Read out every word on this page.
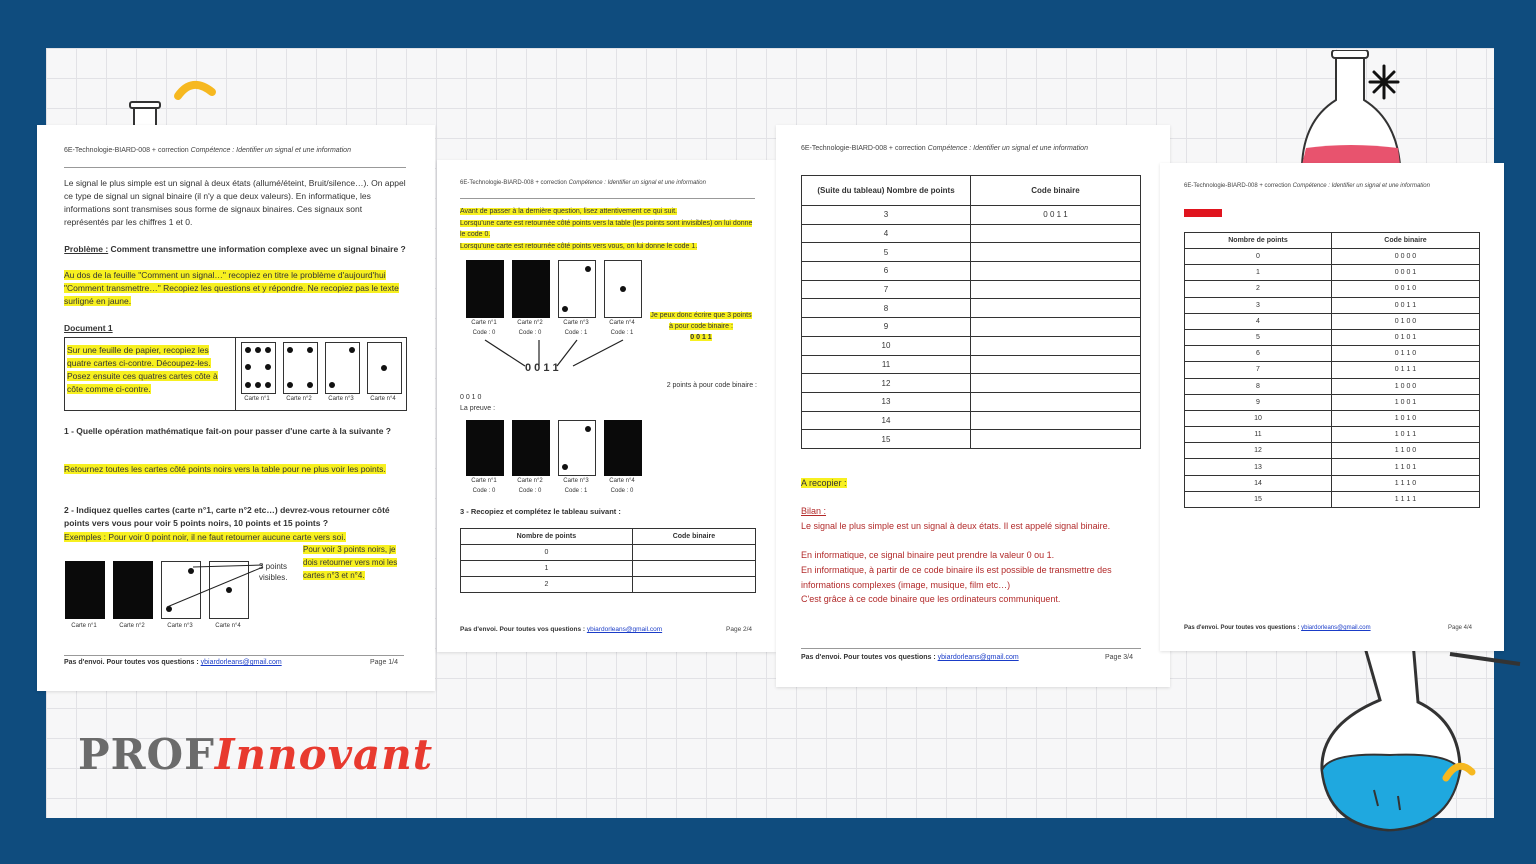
6E-Technologie-BIARD-008 + correction Compétence : Identifier un signal et une information
Le signal le plus simple est un signal à deux états (allumé/éteint, Bruit/silence…). On appel ce type de signal un signal binaire (il n'y a que deux valeurs). En informatique, les informations sont transmises sous forme de signaux binaires. Ces signaux sont représentés par les chiffres 1 et 0.
Problème : Comment transmettre une information complexe avec un signal binaire ?
Au dos de la feuille "Comment un signal…" recopiez en titre le problème d'aujourd'hui "Comment transmettre…" Recopiez les questions et y répondre. Ne recopiez pas le texte surligné en jaune.
Document 1
Sur une feuille de papier, recopiez les quatre cartes ci-contre. Découpez-les. Posez ensuite ces quatres cartes côte à côte comme ci-contre.
Carte n°1	Carte n°2	Carte n°3	Carte n°4
1 - Quelle opération mathématique fait-on pour passer d'une carte à la suivante ?
Retournez toutes les cartes côté points noirs vers la table pour ne plus voir les points.
2 - Indiquez quelles cartes (carte n°1, carte n°2 etc…) devrez-vous retourner côté points vers vous pour voir 5 points noirs, 10 points et 15 points ?
Exemples : Pour voir 0 point noir, il ne faut retourner aucune carte vers soi.
3 points visibles.
Pour voir 3 points noirs, je dois retourner vers moi les cartes n°3 et n°4.
Carte n°1	Carte n°2	Carte n°3	Carte n°4
Pas d'envoi. Pour toutes vos questions : ybiardorleans@gmail.com	Page 1/4
6E-Technologie-BIARD-008 + correction Compétence : Identifier un signal et une information
Avant de passer à la dernière question, lisez attentivement ce qui suit.
Lorsqu'une carte est retournée côté points vers la table (les points sont invisibles) on lui donne le code 0.
Lorsqu'une carte est retournée côté points vers vous, on lui donne le code 1.
Carte n°1	Carte n°2	Carte n°3	Carte n°4
Code : 0	Code : 0	Code : 1	Code : 1
0 0 1 1
Je peux donc écrire que 3 points à pour code binaire :
0 0 1 1
2 points à pour code binaire :
0 0 1 0
La preuve :
Carte n°1	Carte n°2	Carte n°3	Carte n°4
Code : 0	Code : 0	Code : 1	Code : 0
3 - Recopiez et complétez le tableau suivant :
Nombre de points	Code binaire
0	
1	
2	
Pas d'envoi. Pour toutes vos questions : ybiardorleans@gmail.com	Page 2/4
6E-Technologie-BIARD-008 + correction Compétence : Identifier un signal et une information
(Suite du tableau) Nombre de points	Code binaire
3	0 0 1 1
4	
5	
6	
7	
8	
9	
10	
11	
12	
13	
14	
15	
A recopier :
Bilan :
Le signal le plus simple est un signal à deux états. Il est appelé signal binaire.
En informatique, ce signal binaire peut prendre la valeur 0 ou 1.
En informatique, à partir de ce code binaire ils est possible de transmettre des informations complexes (image, musique, film etc…)
C'est grâce à ce code binaire que les ordinateurs communiquent.
Pas d'envoi. Pour toutes vos questions : ybiardorleans@gmail.com	Page 3/4
6E-Technologie-BIARD-008 + correction Compétence : Identifier un signal et une information
Nombre de points	Code binaire
0	0 0 0 0
1	0 0 0 1
2	0 0 1 0
3	0 0 1 1
4	0 1 0 0
5	0 1 0 1
6	0 1 1 0
7	0 1 1 1
8	1 0 0 0
9	1 0 0 1
10	1 0 1 0
11	1 0 1 1
12	1 1 0 0
13	1 1 0 1
14	1 1 1 0
15	1 1 1 1
Pas d'envoi. Pour toutes vos questions : ybiardorleans@gmail.com	Page 4/4
PROFInnovant
